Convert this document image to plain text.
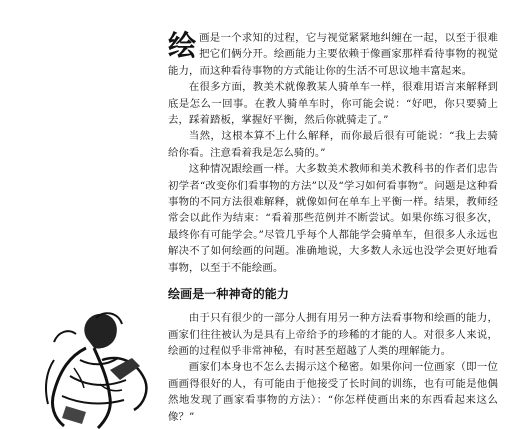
绘画是一个求知的过程，它与视觉紧紧地纠缠在一起，以至于很难把它们俩分开。绘画能力主要依赖于像画家那样看待事物的视觉能力，而这种看待事物的方式能让你的生活不可思议地丰富起来。

在很多方面，教美术就像教某人骑单车一样，很难用语言来解释到底是怎么一回事。在教人骑单车时，你可能会说：“好吧，你只要骑上去，踩着踏板，掌握好平衡，然后你就骑走了。”

当然，这根本算不上什么解释，而你最后很有可能说：“我上去骑给你看。注意看着我是怎么骑的。”

这种情况跟绘画一样。大多数美术教师和美术教科书的作者们忠告初学者“改变你们看事物的方法”以及“学习如何看事物”。问题是这种看事物的不同方法很难解释，就像如何在单车上平衡一样。结果，教师经常会以此作为结束：“看着那些范例并不断尝试。如果你练习很多次，最终你有可能学会。”尽管几乎每个人都能学会骑单车，但很多人永远也解决不了如何绘画的问题。准确地说，大多数人永远也没学会更好地看事物，以至于不能绘画。

绘画是一种神奇的能力

由于只有很少的一部分人拥有用另一种方法看事物和绘画的能力，画家们往往被认为是具有上帝给予的珍稀的才能的人。对很多人来说，绘画的过程似乎非常神秘，有时甚至超越了人类的理解能力。

画家们本身也不怎么去揭示这个秘密。如果你问一位画家（即一位画画得很好的人，有可能由于他接受了长时间的训练，也有可能是他偶然地发现了画家看事物的方法）：“你怎样使画出来的东西看起来这么像？”
